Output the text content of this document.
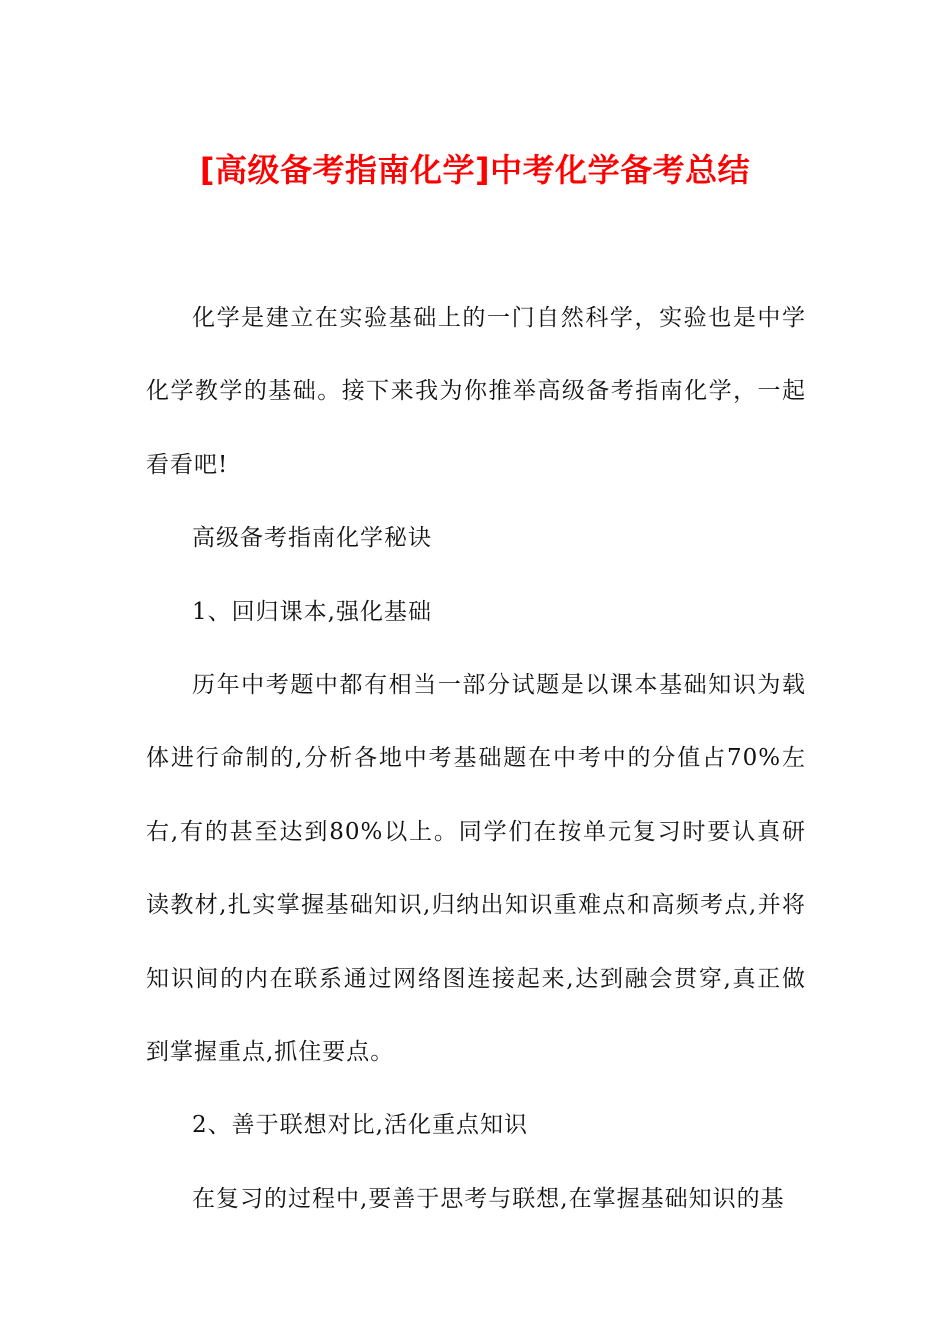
[高级备考指南化学]中考化学备考总结

化学是建立在实验基础上的一门自然科学，实验也是中学化学教学的基础。接下来我为你推举高级备考指南化学，一起看看吧!

高级备考指南化学秘诀

1、回归课本,强化基础

历年中考题中都有相当一部分试题是以课本基础知识为载体进行命制的,分析各地中考基础题在中考中的分值占70%左右,有的甚至达到80%以上。同学们在按单元复习时要认真研读教材,扎实掌握基础知识,归纳出知识重难点和高频考点,并将知识间的内在联系通过网络图连接起来,达到融会贯穿,真正做到掌握重点,抓住要点。

2、善于联想对比,活化重点知识

在复习的过程中,要善于思考与联想,在掌握基础知识的基
